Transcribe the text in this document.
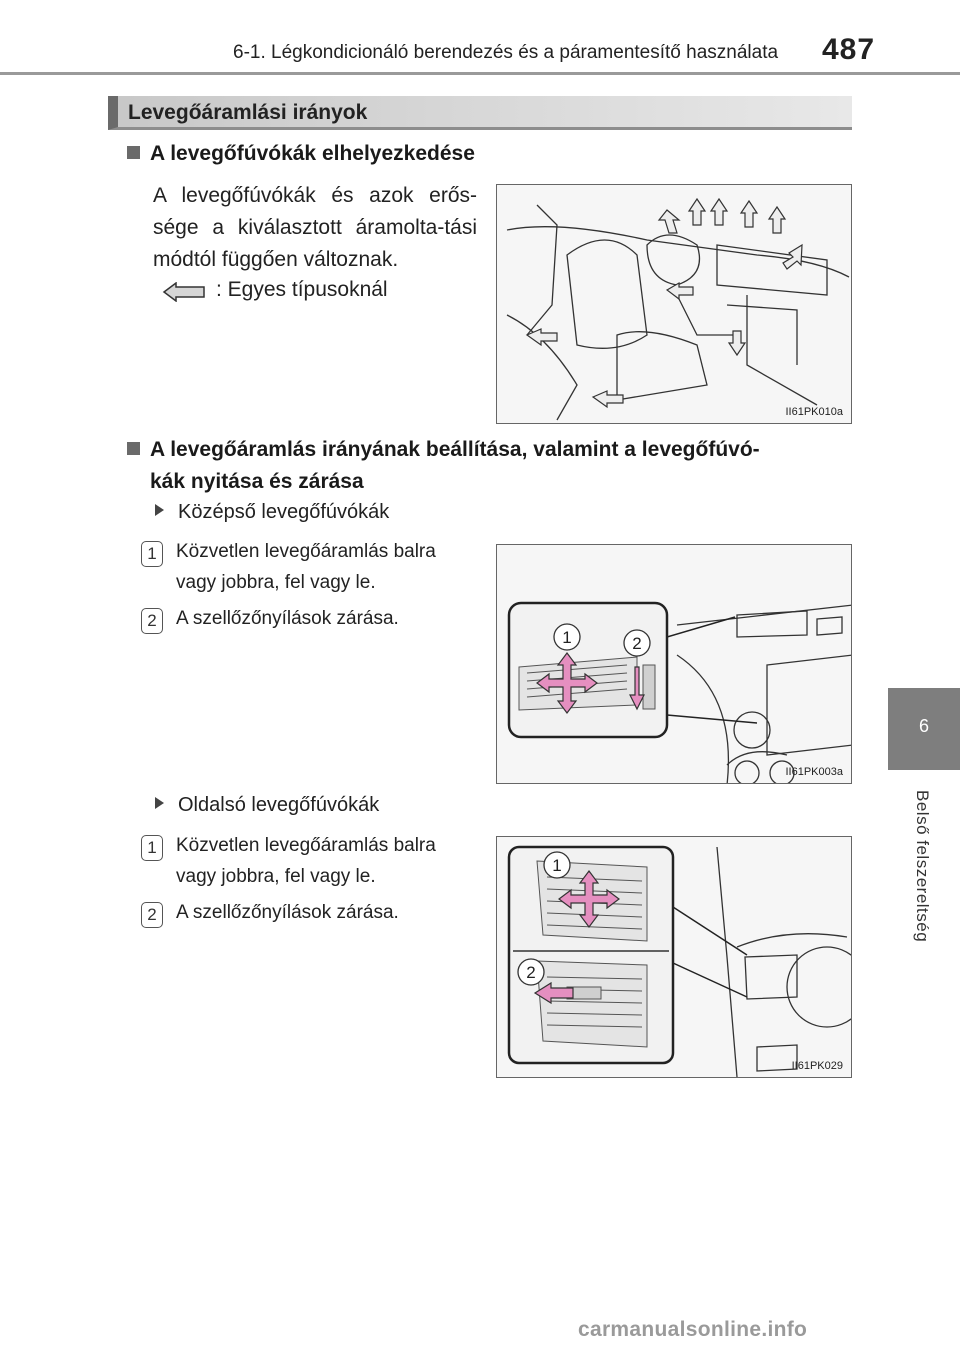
6-1. Légkondicionáló berendezés és a páramentesítő használata 487
6
Belső felszereltség
Levegőáramlási irányok
A levegőfúvókák elhelyezkedése
A levegőfúvókák és azok erős-sége a kiválasztott áramolta-tási módtól függően változnak.
: Egyes típusoknál
II61PK010a
A levegőáramlás irányának beállítása, valamint a levegőfúvó-
kák nyitása és zárása
Középső levegőfúvókák
1	Közvetlen levegőáramlás balra vagy jobbra, fel vagy le.
2	A szellőzőnyílások zárása.
1	2
II61PK003a
Oldalsó levegőfúvókák
1	Közvetlen levegőáramlás balra vagy jobbra, fel vagy le.
2	A szellőzőnyílások zárása.
1
2
II61PK029
carmanualsonline.info
